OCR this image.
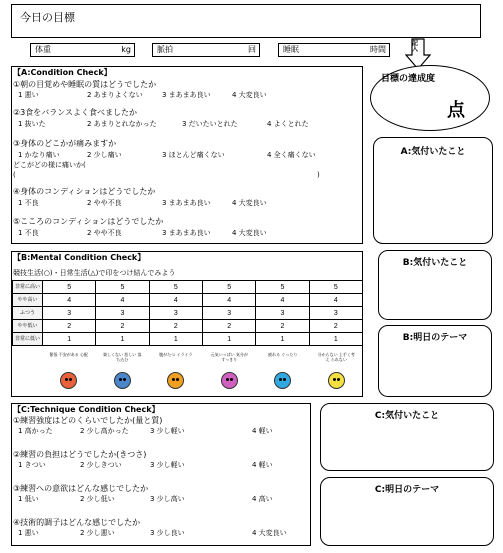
今日の目標
体重	kg	脈拍	回	睡眠	時間
記入
目標の達成度
点
【A:Condition Check】
①朝の目覚めや睡眠の質はどうでしたか
1 悪い	2 あまりよくない	3 まあまあ良い	4 大変良い
②3食をバランスよく食べましたか
1 抜いた	2 あまりとれなかった	3 だいたいとれた	4 よくとれた
③身体のどこかが痛みますか
1 かなり痛い	2 少し痛い	3 ほとんど痛くない	4 全く痛くない
どこがどの様に痛いか(
(	)
④身体のコンディションはどうでしたか
1 不良	2 やや不良	3 まあまあ良い	4 大変良い
⑤こころのコンディションはどうでしたか
1 不良	2 やや不良	3 まあまあ良い	4 大変良い
【B:Mental Condition Check】
競技生活(○)・日常生活(△)で印をつけ結んでみよう
非常に高い	5	5	5	5	5	5
やや高い	4	4	4	4	4	4
ふつう	3	3	3	3	3	3
やや低い	2	2	2	2	2	2
非常に低い	1	1	1	1	1	1
緊張 不安がある 心配	楽しくない 悲しい 落ち込む
腹がたつ イライラ	元気いっぱい 気分が すっきり
疲れる ぐったり	分からない 上手く考え られない
【C:Technique Condition Check】
①練習強度はどのくらいでしたか(量と質)
1 高かった	2 少し高かった	3 少し軽い	4 軽い
②練習の負担はどうでしたか(きつさ)
1 きつい	2 少しきつい	3 少し軽い	4 軽い
③練習への意欲はどんな感じでしたか
1 低い	2 少し低い	3 少し高い	4 高い
④技術的調子はどんな感じでしたか
1 悪い	2 少し悪い	3 少し良い	4 大変良い
A:気付いたこと
B:気付いたこと
B:明日のテーマ
C:気付いたこと
C:明日のテーマ
